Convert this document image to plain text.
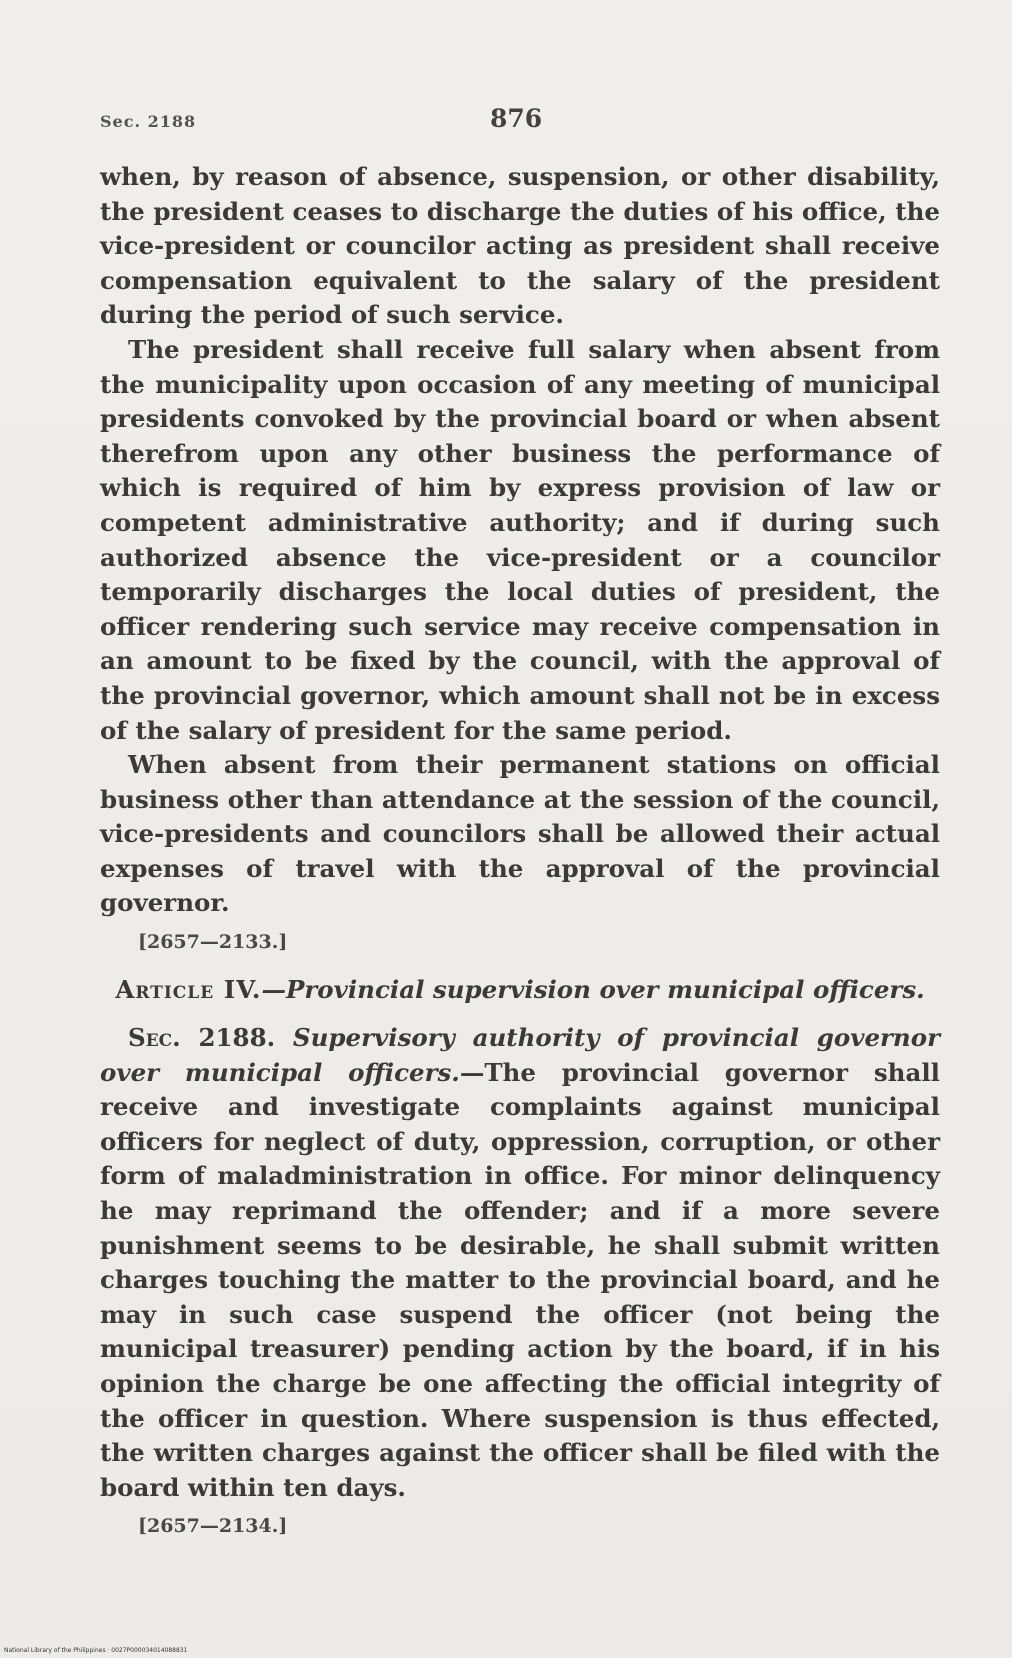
Sec. 2188	876

when, by reason of absence, suspension, or other disability, the president ceases to discharge the duties of his office, the vice-president or councilor acting as president shall receive compensation equivalent to the salary of the president during the period of such service.

The president shall receive full salary when absent from the municipality upon occasion of any meeting of municipal presidents convoked by the provincial board or when absent therefrom upon any other business the performance of which is required of him by express provision of law or competent administrative authority; and if during such authorized absence the vice-president or a councilor temporarily discharges the local duties of president, the officer rendering such service may receive compensation in an amount to be fixed by the council, with the approval of the provincial governor, which amount shall not be in excess of the salary of president for the same period.

When absent from their permanent stations on official business other than attendance at the session of the council, vice-presidents and councilors shall be allowed their actual expenses of travel with the approval of the provincial governor.

[2657—2133.]

Article IV.—Provincial supervision over municipal officers.

Sec. 2188. Supervisory authority of provincial governor over municipal officers.—The provincial governor shall receive and investigate complaints against municipal officers for neglect of duty, oppression, corruption, or other form of maladministration in office. For minor delinquency he may reprimand the offender; and if a more severe punishment seems to be desirable, he shall submit written charges touching the matter to the provincial board, and he may in such case suspend the officer (not being the municipal treasurer) pending action by the board, if in his opinion the charge be one affecting the official integrity of the officer in question. Where suspension is thus effected, the written charges against the officer shall be filed with the board within ten days.

[2657—2134.]

National Library of the Philippines · 0027P000034014088831
